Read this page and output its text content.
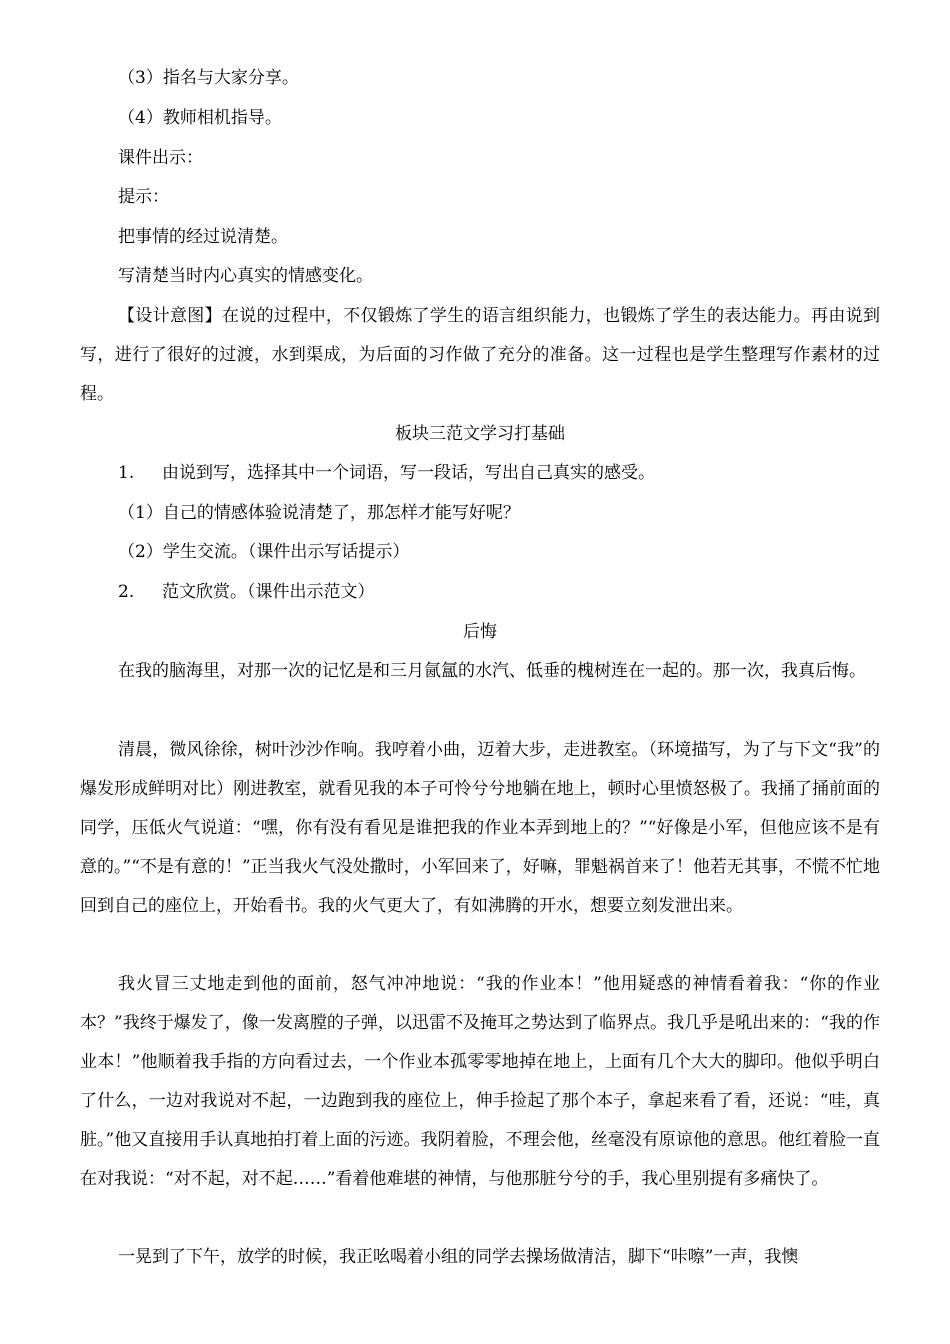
（3）指名与大家分享。
（4）教师相机指导。
课件出示：
提示：
把事情的经过说清楚。
写清楚当时内心真实的情感变化。
【设计意图】在说的过程中，不仅锻炼了学生的语言组织能力，也锻炼了学生的表达能力。再由说到写，进行了很好的过渡，水到渠成，为后面的习作做了充分的准备。这一过程也是学生整理写作素材的过程。
板块三范文学习打基础
1. 由说到写，选择其中一个词语，写一段话，写出自己真实的感受。
（1）自己的情感体验说清楚了，那怎样才能写好呢？
（2）学生交流。（课件出示写话提示）
2. 范文欣赏。（课件出示范文）
后悔
在我的脑海里，对那一次的记忆是和三月氤氲的水汽、低垂的槐树连在一起的。那一次，我真后悔。
清晨，微风徐徐，树叶沙沙作响。我哼着小曲，迈着大步，走进教室。（环境描写，为了与下文“我”的爆发形成鲜明对比）刚进教室，就看见我的本子可怜兮兮地躺在地上，顿时心里愤怒极了。我捅了捅前面的同学，压低火气说道：“嘿，你有没有看见是谁把我的作业本弄到地上的？”“好像是小军，但他应该不是有意的。”“不是有意的！”正当我火气没处撒时，小军回来了，好嘛，罪魁祸首来了！他若无其事，不慌不忙地回到自己的座位上，开始看书。我的火气更大了，有如沸腾的开水，想要立刻发泄出来。
我火冒三丈地走到他的面前，怒气冲冲地说：“我的作业本！”他用疑惑的神情看着我：“你的作业本？”我终于爆发了，像一发离膛的子弹，以迅雷不及掩耳之势达到了临界点。我几乎是吼出来的：“我的作业本！”他顺着我手指的方向看过去，一个作业本孤零零地掉在地上，上面有几个大大的脚印。他似乎明白了什么，一边对我说对不起，一边跑到我的座位上，伸手捡起了那个本子，拿起来看了看，还说：“哇，真脏。”他又直接用手认真地拍打着上面的污迹。我阴着脸，不理会他，丝毫没有原谅他的意思。他红着脸一直在对我说：“对不起，对不起……”看着他难堪的神情，与他那脏兮兮的手，我心里别提有多痛快了。
一晃到了下午，放学的时候，我正吆喝着小组的同学去操场做清洁，脚下“咔嚓”一声，我懊
